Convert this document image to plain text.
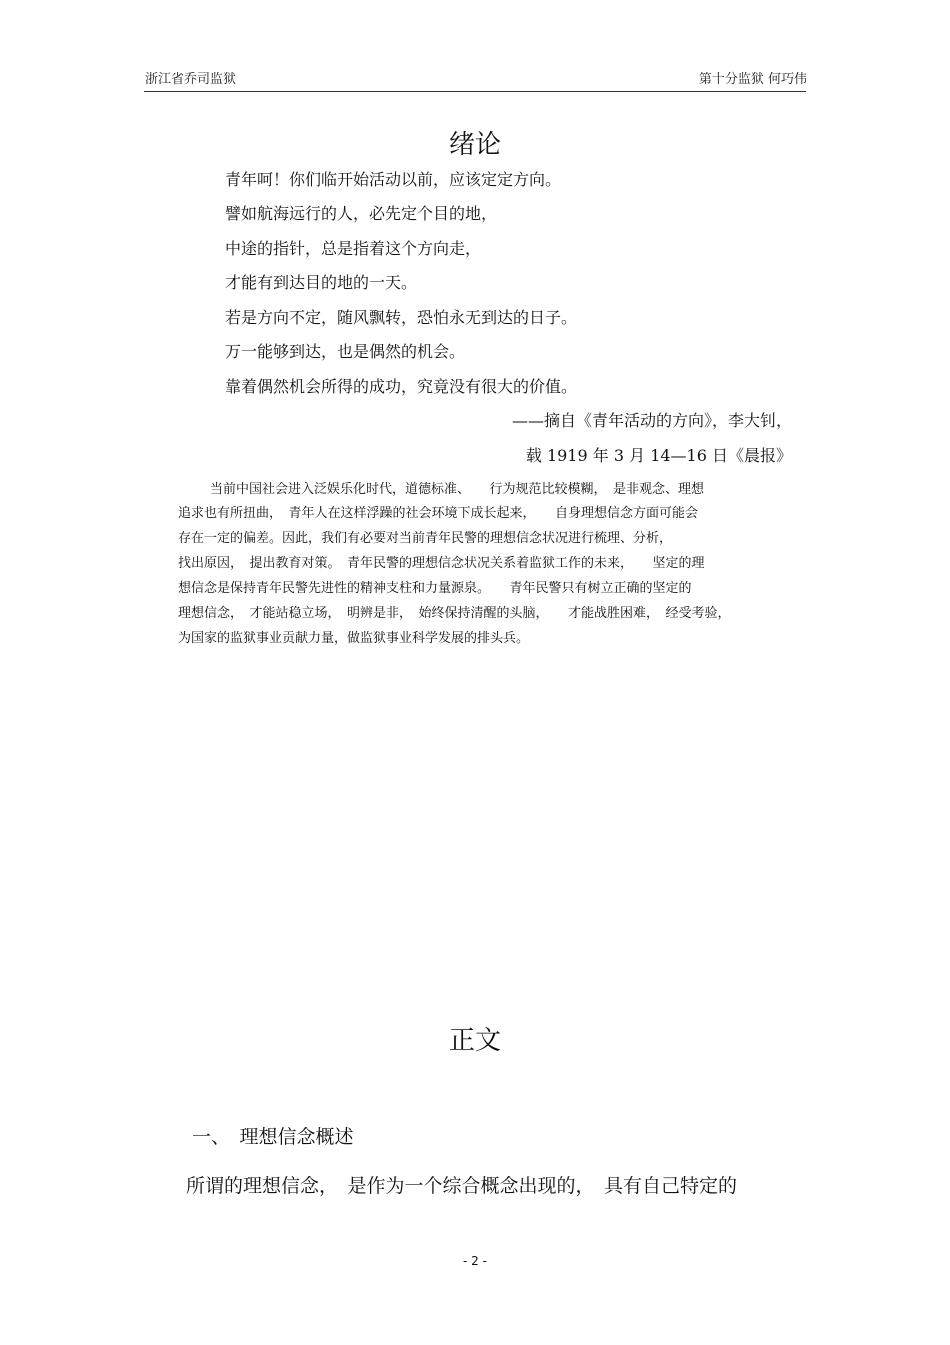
浙江省乔司监狱	第十分监狱 何巧伟
绪论
青年呵！你们临开始活动以前，应该定定方向。
譬如航海远行的人，必先定个目的地，
中途的指针，总是指着这个方向走，
才能有到达目的地的一天。
若是方向不定，随风飘转，恐怕永无到达的日子。
万一能够到达，也是偶然的机会。
靠着偶然机会所得的成功，究竟没有很大的价值。
——摘自《青年活动的方向》，李大钊，
载 1919 年 3 月 14—16 日《晨报》
当前中国社会进入泛娱乐化时代，道德标准、　　行为规范比较模糊，　是非观念、理想
追求也有所扭曲，　青年人在这样浮躁的社会环境下成长起来，　　自身理想信念方面可能会
存在一定的偏差。因此，我们有必要对当前青年民警的理想信念状况进行梳理、分析，
找出原因，　提出教育对策。　青年民警的理想信念状况关系着监狱工作的未来，　　坚定的理
想信念是保持青年民警先进性的精神支柱和力量源泉。　　青年民警只有树立正确的坚定的
理想信念，　才能站稳立场，　明辨是非，　始终保持清醒的头脑，　　才能战胜困难，　经受考验，
为国家的监狱事业贡献力量，做监狱事业科学发展的排头兵。
正文
一、　理想信念概述
所谓的理想信念，　是作为一个综合概念出现的，　具有自己特定的
- 2 -
